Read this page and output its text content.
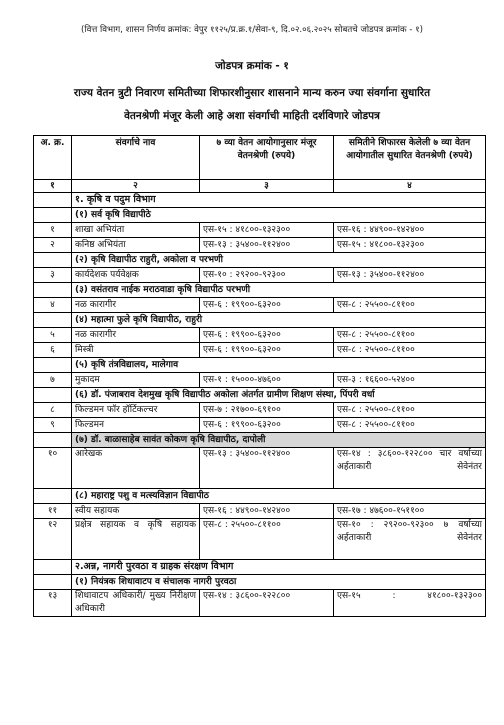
(वित्त विभाग, शासन निर्णय क्रमांक: वेपुर ११२५/प्र.क्र.१/सेवा-९, दि.०२.०६.२०२५ सोबतचे जोडपत्र क्रमांक - १)
जोडपत्र क्रमांक - १
राज्य वेतन त्रुटी निवारण समितीच्या शिफारशीनुसार शासनाने मान्य करुन ज्या संवर्गाना सुधारित
वेतनश्रेणी मंजूर केली आहे अशा संवर्गाची माहिती दर्शविणारे जोडपत्र
अ. क्र.	संवर्गाचे नाव	७ व्या वेतन आयोगानुसार मंजूर वेतनश्रेणी (रुपये)	समितीने शिफारस केलेली ७ व्या वेतन आयोगातील सुधारित वेतनश्रेणी (रुपये)
१	२	३	४
	१. कृषि व पदुम विभाग		
	(१) सर्व कृषि विद्यापीठे		
१	शाखा अभियंता	एस-१५ : ४१८००-१३२३००	एस-१६ : ४४९००-१४२४००
२	कनिष्ठ अभियंता	एस-१३ : ३५४००-११२४००	एस-१५ : ४१८००-१३२३००
	(२) कृषि विद्यापीठ राहुरी, अकोला व परभणी		
३	कार्यदेशक पर्यवेक्षक	एस-१० : २९२००-९२३००	एस-१३ : ३५४००-११२४००
	(३) वसंतराव नाईक मराठवाडा कृषि विद्यापीठ परभणी		
४	नळ कारागीर	एस-६ : १९९००-६३२००	एस-८ : २५५००-८११००
	(४) महात्मा फुले कृषि विद्यापीठ, राहुरी		
५	नळ कारागीर	एस-६ : १९९००-६३२००	एस-८ : २५५००-८११००
६	मिस्त्री	एस-६ : १९९००-६३२००	एस-८ : २५५००-८११००
	(५) कृषि तंत्रविद्यालय, मालेगाव		
७	मुकादम	एस-१ : १५०००-४७६००	एस-३ : १६६००-५२४००
	(६) डॉ. पंजाबराव देशमुख कृषि विद्यापीठ अकोला अंतर्गत ग्रामीण शिक्षण संस्था, पिंपरी वर्धा		
८	फिल्डमन फॉर हॉर्टिकल्चर	एस-७ : २१७००-६९१००	एस-८ : २५५००-८११००
९	फिल्डमन	एस-६ : १९९००-६३२००	एस-८ : २५५००-८११००
	(७) डॉ. बाळासाहेब सावंत कोकण कृषि विद्यापीठ, दापोली		
१०	आरेखक	एस-१३ : ३५४००-११२४००	एस-१४ : ३८६००-१२२८०० चार वर्षाच्या अर्हताकारी सेवेनंतर
	(८) महाराष्ट्र पशु व मत्स्यविज्ञान विद्यापीठ		
११	स्वीय सहायक	एस-१६ : ४४९००-१४२४००	एस-१७ : ४७६००-१५११००
१२	प्रक्षेत्र सहायक व कृषि सहायक	एस-८ : २५५००-८११००	एस-१० : २९२००-९२३०० ७ वर्षाच्या अर्हताकारी सेवेनंतर
	२.अन्न, नागरी पुरवठा व ग्राहक संरक्षण विभाग		
	(१) नियंत्रक शिधावाटप व संचालक नागरी पुरवठा		
१३	शिधावाटप अधिकारी/ मुख्य निरीक्षण अधिकारी	एस-१४ : ३८६००-१२२८००	एस-१५ : ४१८००-१३२३००
